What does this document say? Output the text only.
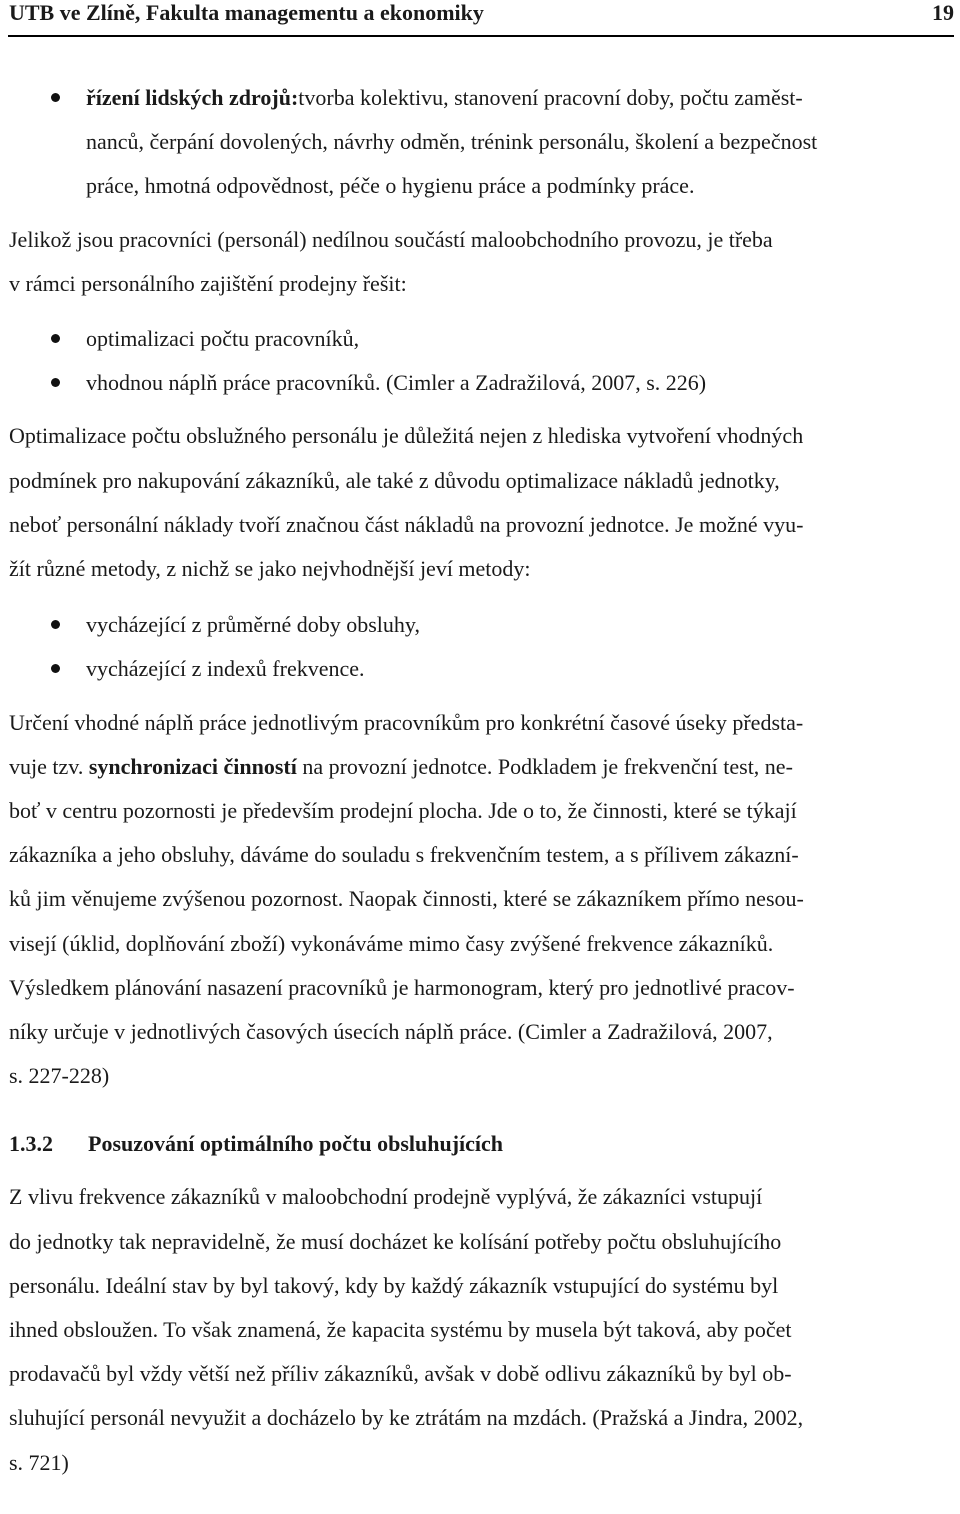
UTB ve Zlíně, Fakulta managementu a ekonomiky	19
řízení lidských zdrojů:tvorba kolektivu, stanovení pracovní doby, počtu zaměst-
nanců, čerpání dovolených, návrhy odměn, trénink personálu, školení a bezpečnost
práce, hmotná odpovědnost, péče o hygienu práce a podmínky práce.
Jelikož jsou pracovníci (personál) nedílnou součástí maloobchodního provozu, je třeba
v rámci personálního zajištění prodejny řešit:
optimalizaci počtu pracovníků,
vhodnou náplň práce pracovníků. (Cimler a Zadražilová, 2007, s. 226)
Optimalizace počtu obslužného personálu je důležitá nejen z hlediska vytvoření vhodných
podmínek pro nakupování zákazníků, ale také z důvodu optimalizace nákladů jednotky,
neboť personální náklady tvoří značnou část nákladů na provozní jednotce. Je možné vyu-
žít různé metody, z nichž se jako nejvhodnější jeví metody:
vycházející z průměrné doby obsluhy,
vycházející z indexů frekvence.
Určení vhodné náplň práce jednotlivým pracovníkům pro konkrétní časové úseky předsta-
vuje tzv. synchronizaci činností na provozní jednotce. Podkladem je frekvenční test, ne-
boť v centru pozornosti je především prodejní plocha. Jde o to, že činnosti, které se týkají
zákazníka a jeho obsluhy, dáváme do souladu s frekvenčním testem, a s přílivem zákazní-
ků jim věnujeme zvýšenou pozornost. Naopak činnosti, které se zákazníkem přímo nesou-
visejí (úklid, doplňování zboží) vykonáváme mimo časy zvýšené frekvence zákazníků.
Výsledkem plánování nasazení pracovníků je harmonogram, který pro jednotlivé pracov-
níky určuje v jednotlivých časových úsecích náplň práce. (Cimler a Zadražilová, 2007,
s. 227-228)
1.3.2	Posuzování optimálního počtu obsluhujících
Z vlivu frekvence zákazníků v maloobchodní prodejně vyplývá, že zákazníci vstupují
do jednotky tak nepravidelně, že musí docházet ke kolísání potřeby počtu obsluhujícího
personálu. Ideální stav by byl takový, kdy by každý zákazník vstupující do systému byl
ihned obsloužen. To však znamená, že kapacita systému by musela být taková, aby počet
prodavačů byl vždy větší než příliv zákazníků, avšak v době odlivu zákazníků by byl ob-
sluhující personál nevyužit a docházelo by ke ztrátám na mzdách. (Pražská a Jindra, 2002,
s. 721)
